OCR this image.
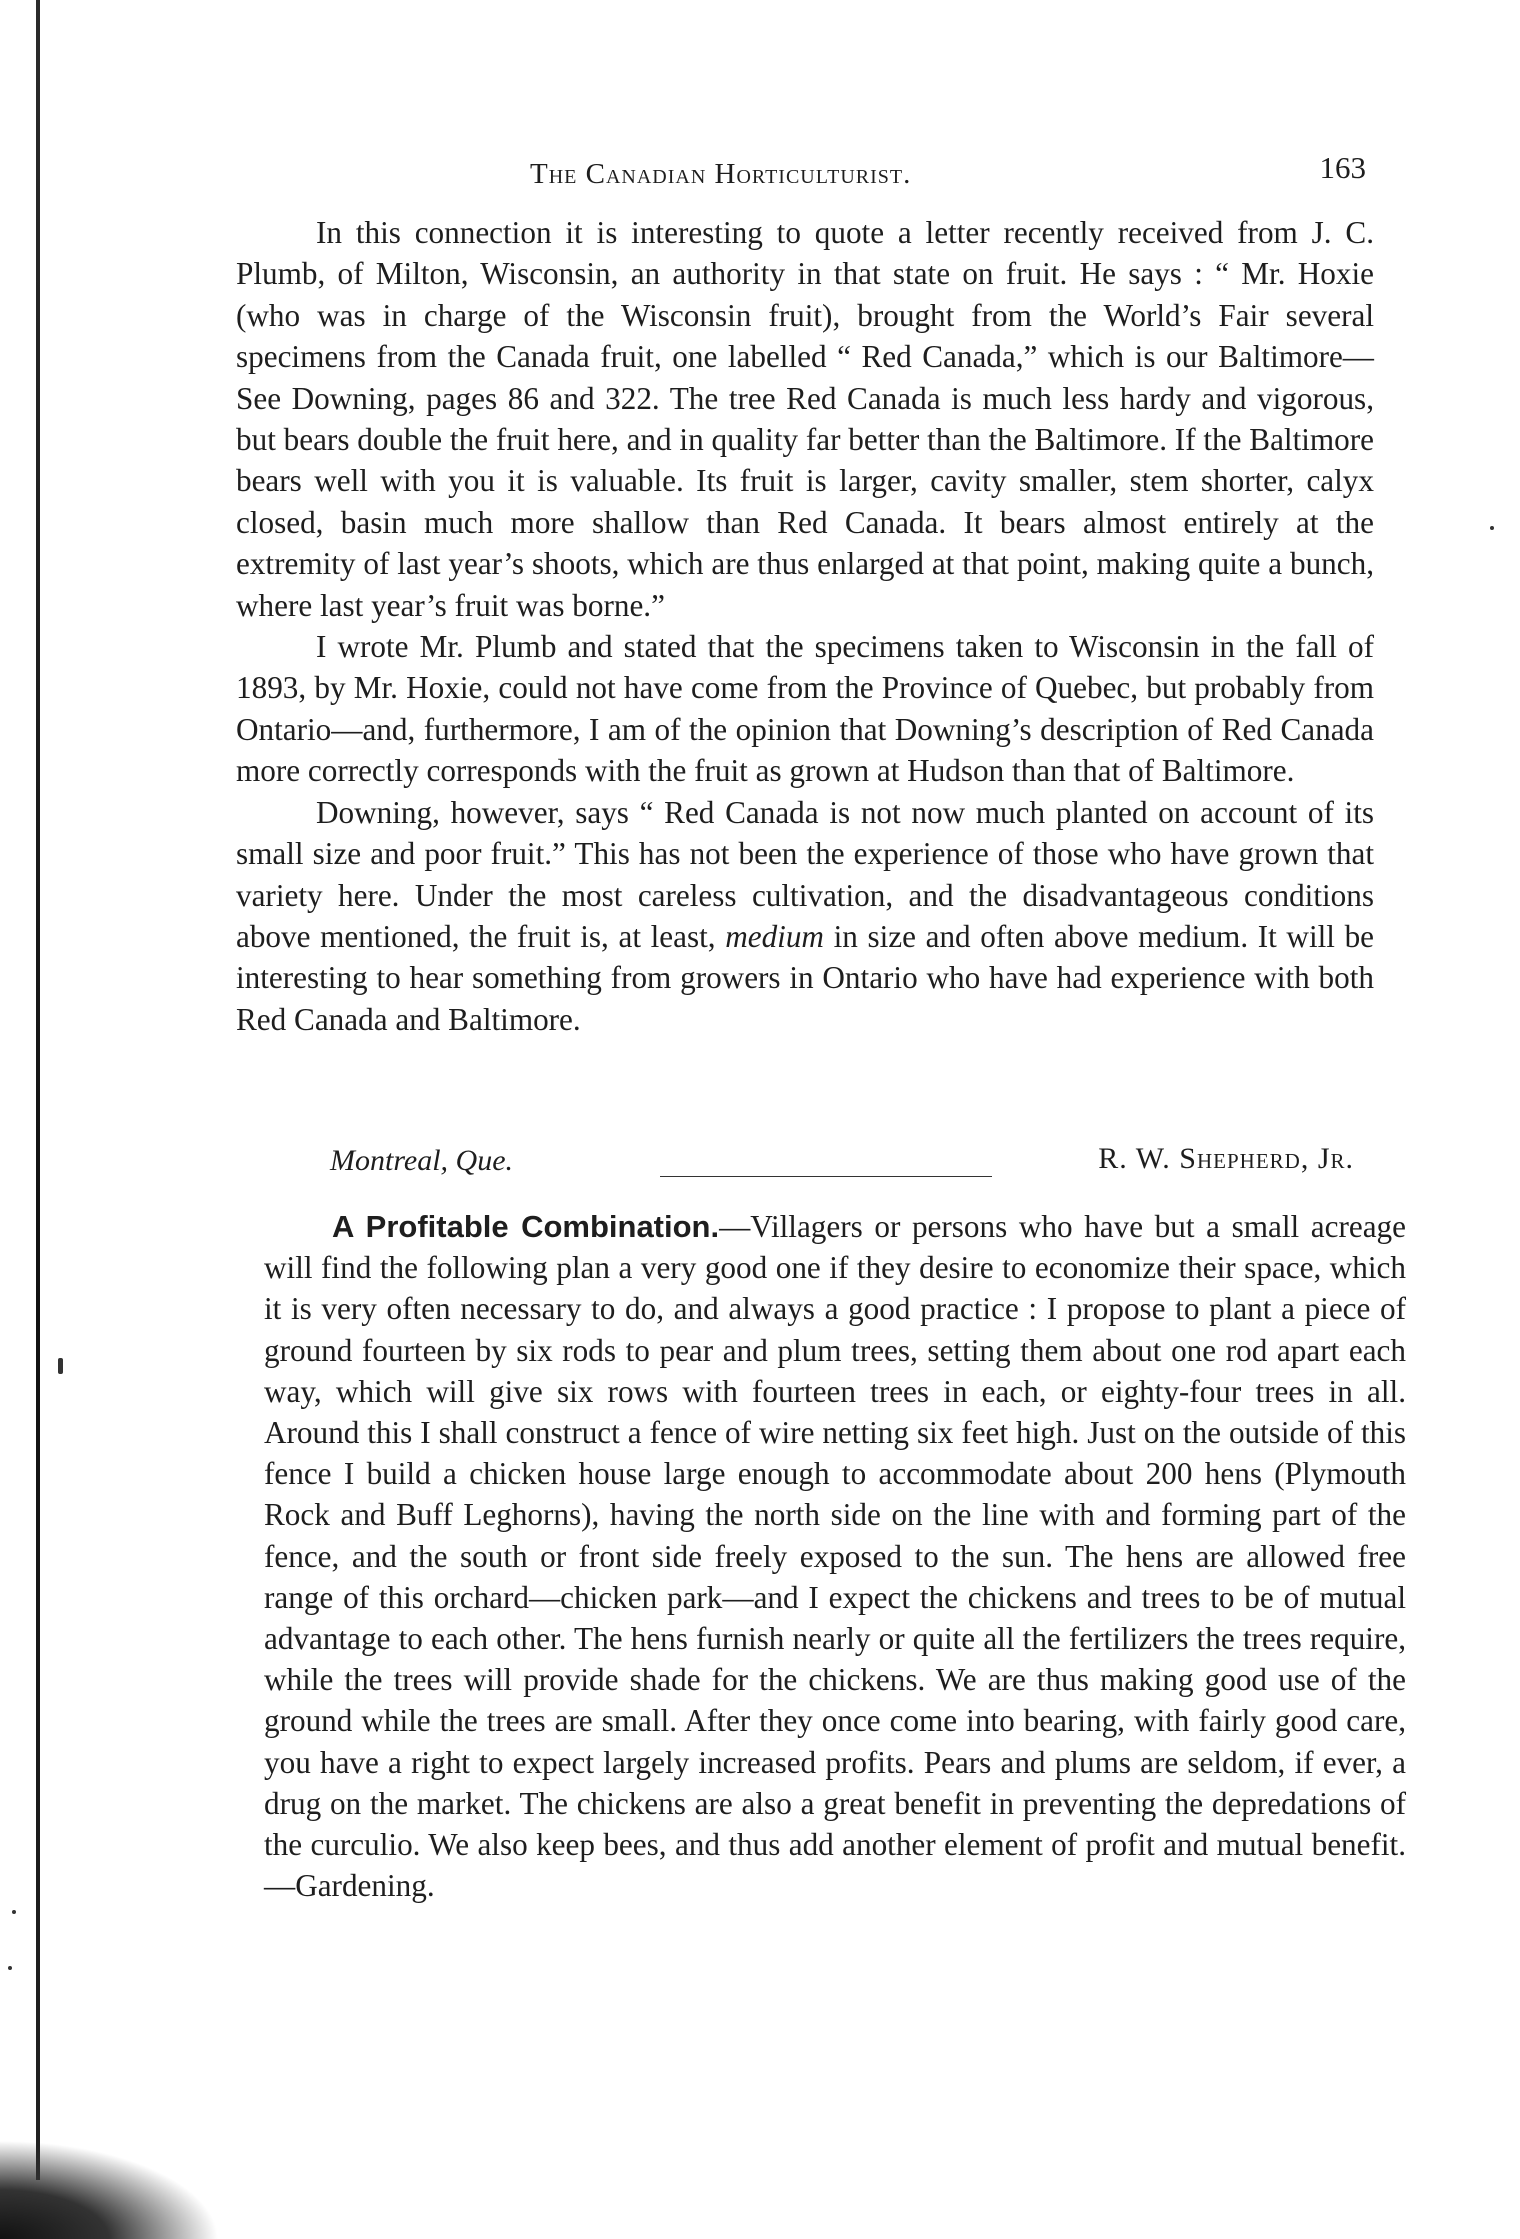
The Canadian Horticulturist.	163

In this connection it is interesting to quote a letter recently received from J. C. Plumb, of Milton, Wisconsin, an authority in that state on fruit. He says : “ Mr. Hoxie (who was in charge of the Wisconsin fruit), brought from the World’s Fair several specimens from the Canada fruit, one labelled “ Red Canada,” which is our Baltimore—See Downing, pages 86 and 322. The tree Red Canada is much less hardy and vigorous, but bears double the fruit here, and in quality far better than the Baltimore. If the Baltimore bears well with you it is valuable. Its fruit is larger, cavity smaller, stem shorter, calyx closed, basin much more shallow than Red Canada. It bears almost entirely at the extremity of last year’s shoots, which are thus enlarged at that point, making quite a bunch, where last year’s fruit was borne.”

I wrote Mr. Plumb and stated that the specimens taken to Wisconsin in the fall of 1893, by Mr. Hoxie, could not have come from the Province of Quebec, but probably from Ontario—and, furthermore, I am of the opinion that Downing’s description of Red Canada more correctly corresponds with the fruit as grown at Hudson than that of Baltimore.

Downing, however, says “ Red Canada is not now much planted on account of its small size and poor fruit.” This has not been the experience of those who have grown that variety here. Under the most careless cultivation, and the disadvantageous conditions above mentioned, the fruit is, at least, medium in size and often above medium. It will be interesting to hear something from growers in Ontario who have had experience with both Red Canada and Baltimore.

Montreal, Que.	R. W. Shepherd, Jr.

A Profitable Combination.—Villagers or persons who have but a small acreage will find the following plan a very good one if they desire to economize their space, which it is very often necessary to do, and always a good practice : I propose to plant a piece of ground fourteen by six rods to pear and plum trees, setting them about one rod apart each way, which will give six rows with fourteen trees in each, or eighty-four trees in all. Around this I shall construct a fence of wire netting six feet high. Just on the outside of this fence I build a chicken house large enough to accommodate about 200 hens (Plymouth Rock and Buff Leghorns), having the north side on the line with and forming part of the fence, and the south or front side freely exposed to the sun. The hens are allowed free range of this orchard—chicken park—and I expect the chickens and trees to be of mutual advantage to each other. The hens furnish nearly or quite all the fertilizers the trees require, while the trees will provide shade for the chickens. We are thus making good use of the ground while the trees are small. After they once come into bearing, with fairly good care, you have a right to expect largely increased profits. Pears and plums are seldom, if ever, a drug on the market. The chickens are also a great benefit in preventing the depredations of the curculio. We also keep bees, and thus add another element of profit and mutual benefit.—Gardening.
